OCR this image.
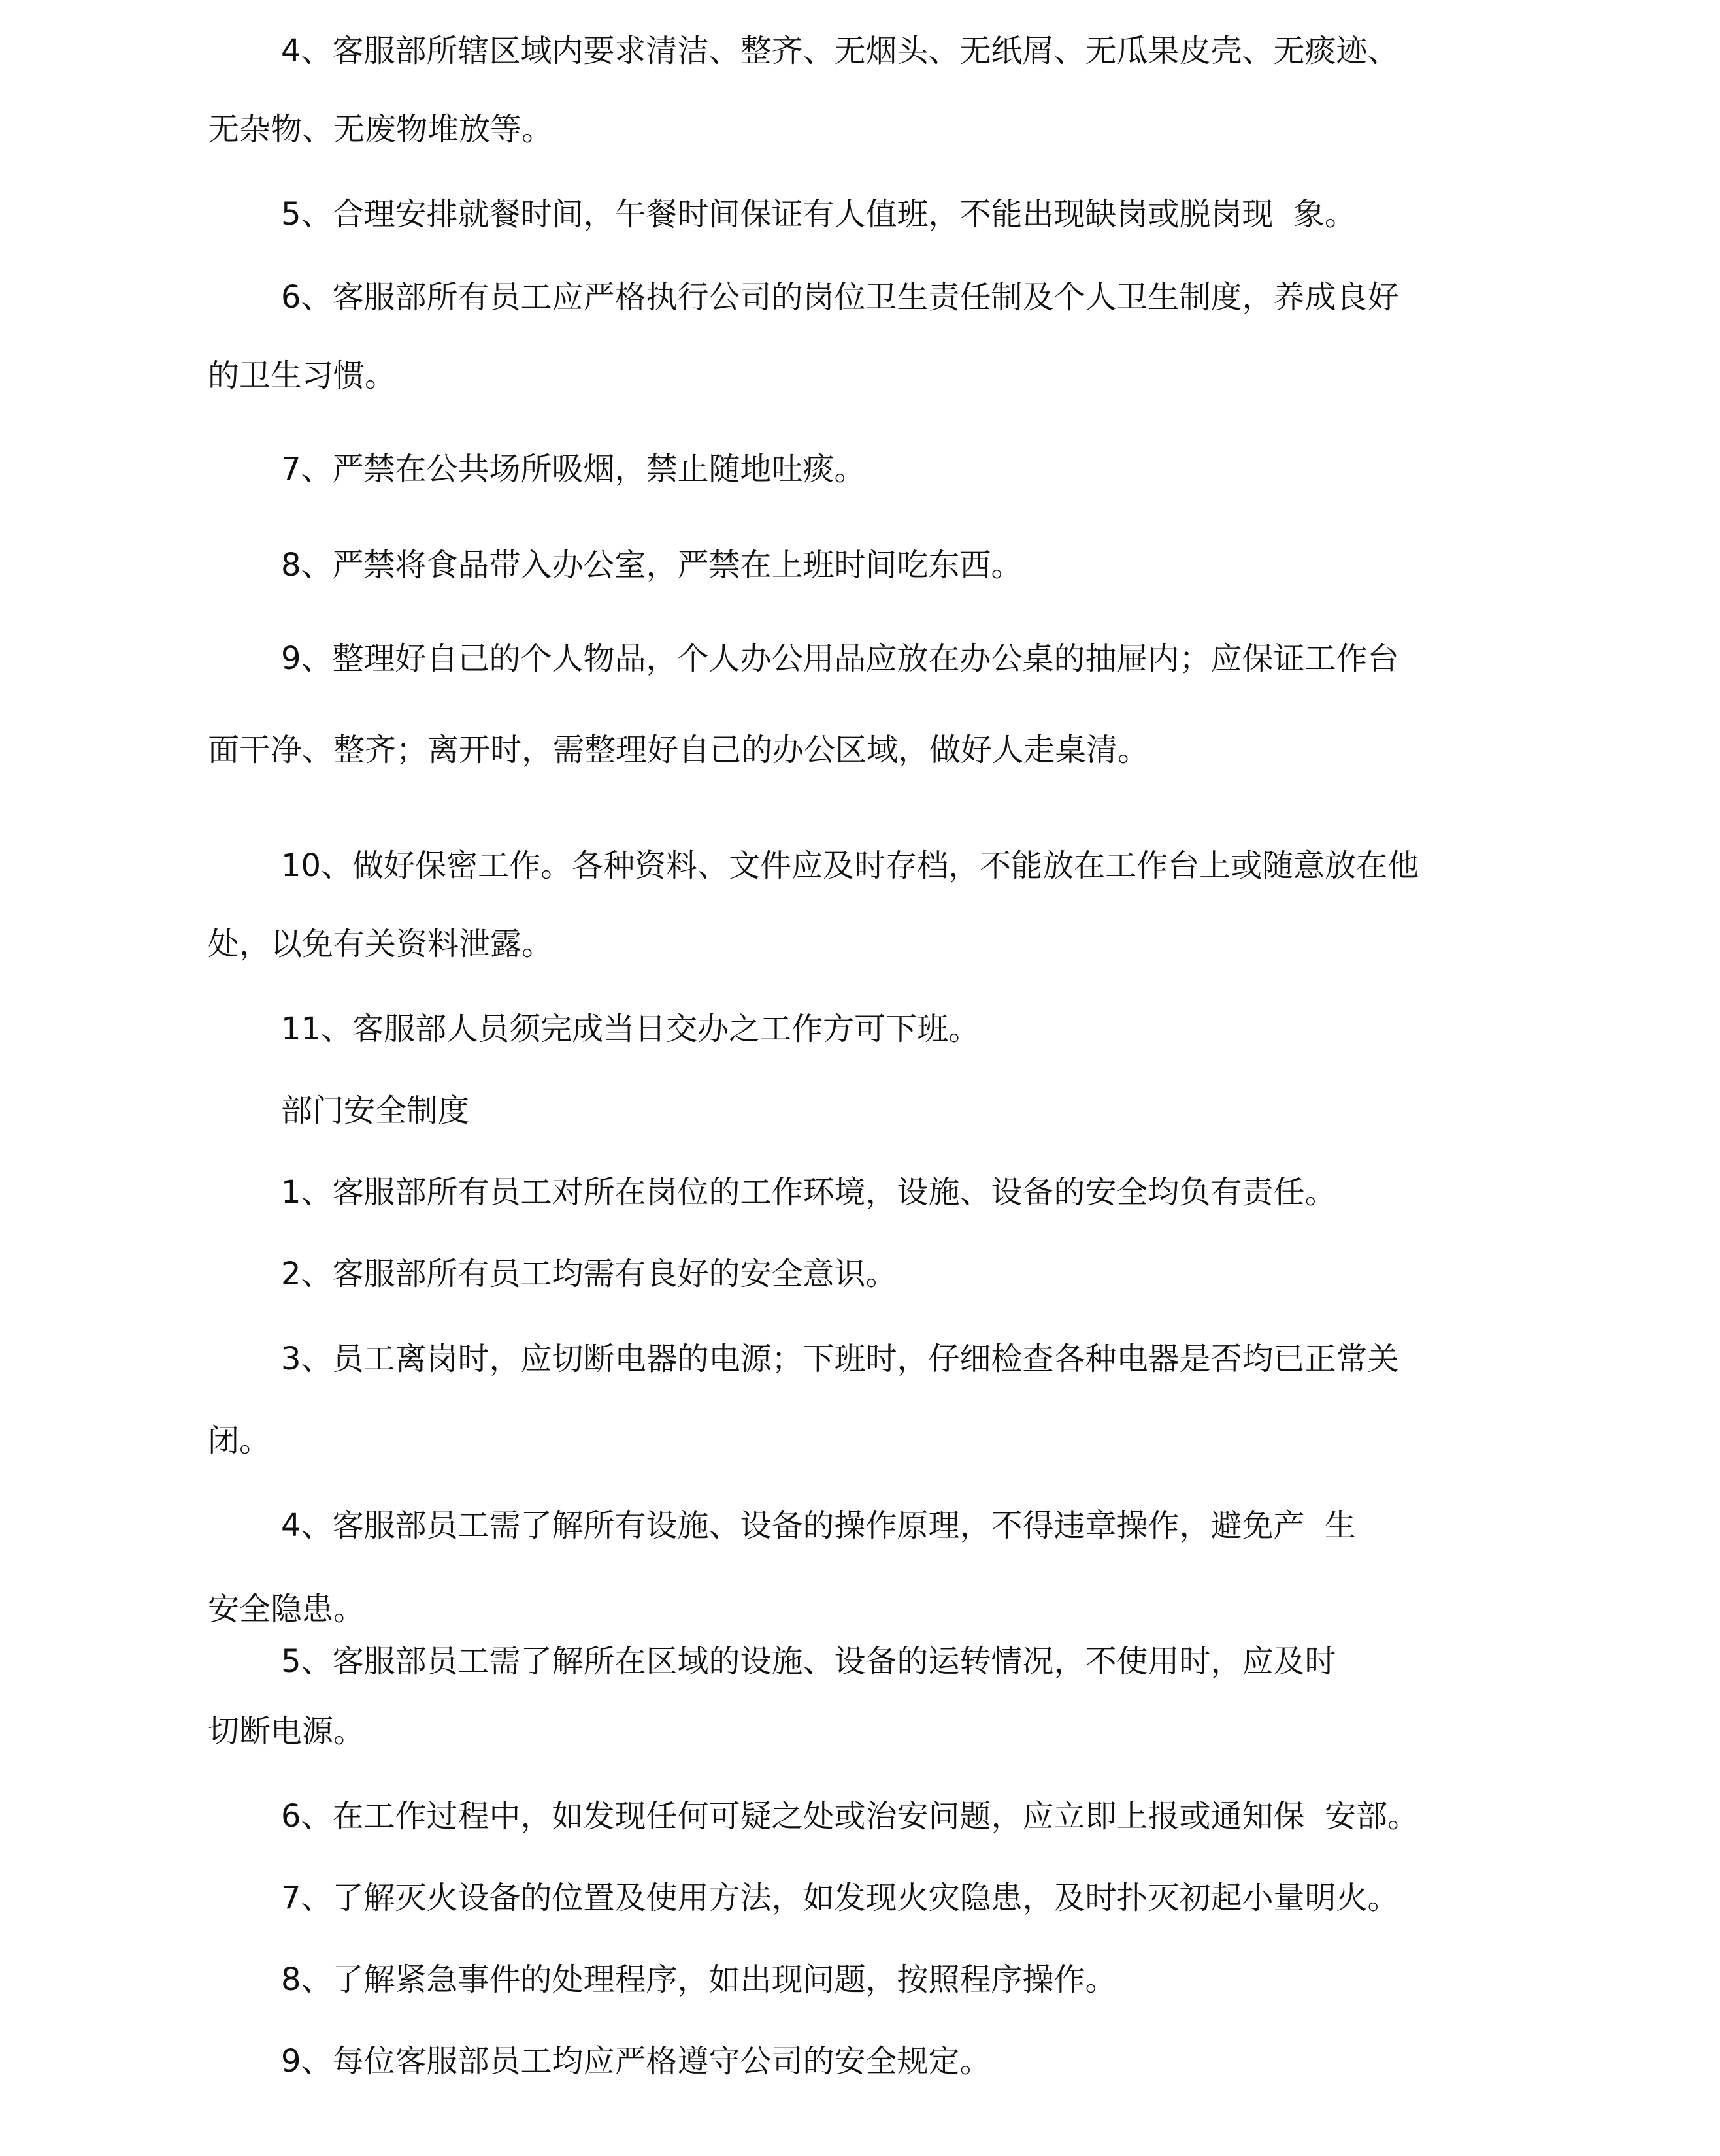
4、客服部所辖区域内要求清洁、整齐、无烟头、无纸屑、无瓜果皮壳、无痰迹、
无杂物、无废物堆放等。
5、合理安排就餐时间，午餐时间保证有人值班，不能出现缺岗或脱岗现  象。
6、客服部所有员工应严格执行公司的岗位卫生责任制及个人卫生制度，养成良好
的卫生习惯。
7、严禁在公共场所吸烟，禁止随地吐痰。
8、严禁将食品带入办公室，严禁在上班时间吃东西。
9、整理好自己的个人物品，个人办公用品应放在办公桌的抽屉内；应保证工作台
面干净、整齐；离开时，需整理好自己的办公区域，做好人走桌清。
10、做好保密工作。各种资料、文件应及时存档，不能放在工作台上或随意放在他
处，以免有关资料泄露。
11、客服部人员须完成当日交办之工作方可下班。
部门安全制度
1、客服部所有员工对所在岗位的工作环境，设施、设备的安全均负有责任。
2、客服部所有员工均需有良好的安全意识。
3、员工离岗时，应切断电器的电源；下班时，仔细检查各种电器是否均已正常关
闭。
4、客服部员工需了解所有设施、设备的操作原理，不得违章操作，避免产  生
安全隐患。
5、客服部员工需了解所在区域的设施、设备的运转情况，不使用时，应及时
切断电源。
6、在工作过程中，如发现任何可疑之处或治安问题，应立即上报或通知保  安部。
7、了解灭火设备的位置及使用方法，如发现火灾隐患，及时扑灭初起小量明火。
8、了解紧急事件的处理程序，如出现问题，按照程序操作。
9、每位客服部员工均应严格遵守公司的安全规定。
